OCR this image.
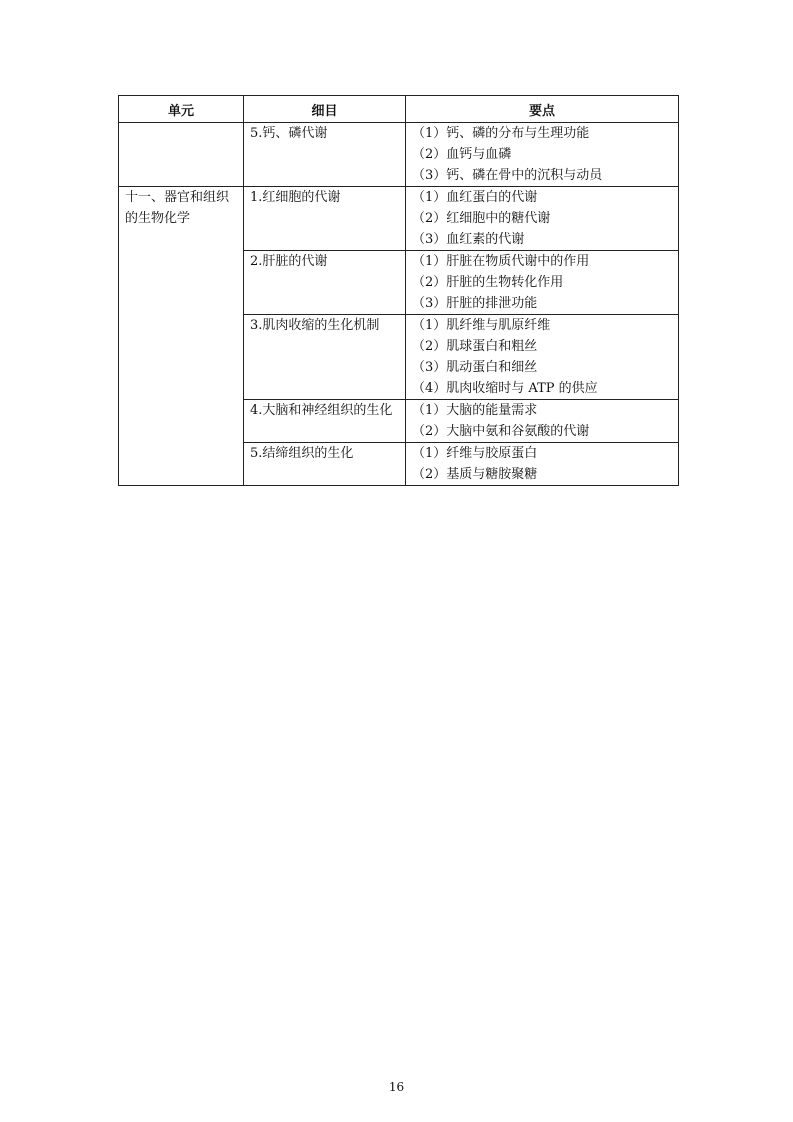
单元	细目	要点

	5.钙、磷代谢	（1）钙、磷的分布与生理功能
（2）血钙与血磷
（3）钙、磷在骨中的沉积与动员

十一、器官和组织的生物化学	1.红细胞的代谢	（1）血红蛋白的代谢
（2）红细胞中的糖代谢
（3）血红素的代谢

	2.肝脏的代谢	（1）肝脏在物质代谢中的作用
（2）肝脏的生物转化作用
（3）肝脏的排泄功能

	3.肌肉收缩的生化机制	（1）肌纤维与肌原纤维
（2）肌球蛋白和粗丝
（3）肌动蛋白和细丝
（4）肌肉收缩时与 ATP 的供应

	4.大脑和神经组织的生化	（1）大脑的能量需求
（2）大脑中氨和谷氨酸的代谢

	5.结缔组织的生化	（1）纤维与胶原蛋白
（2）基质与糖胺聚糖
16
